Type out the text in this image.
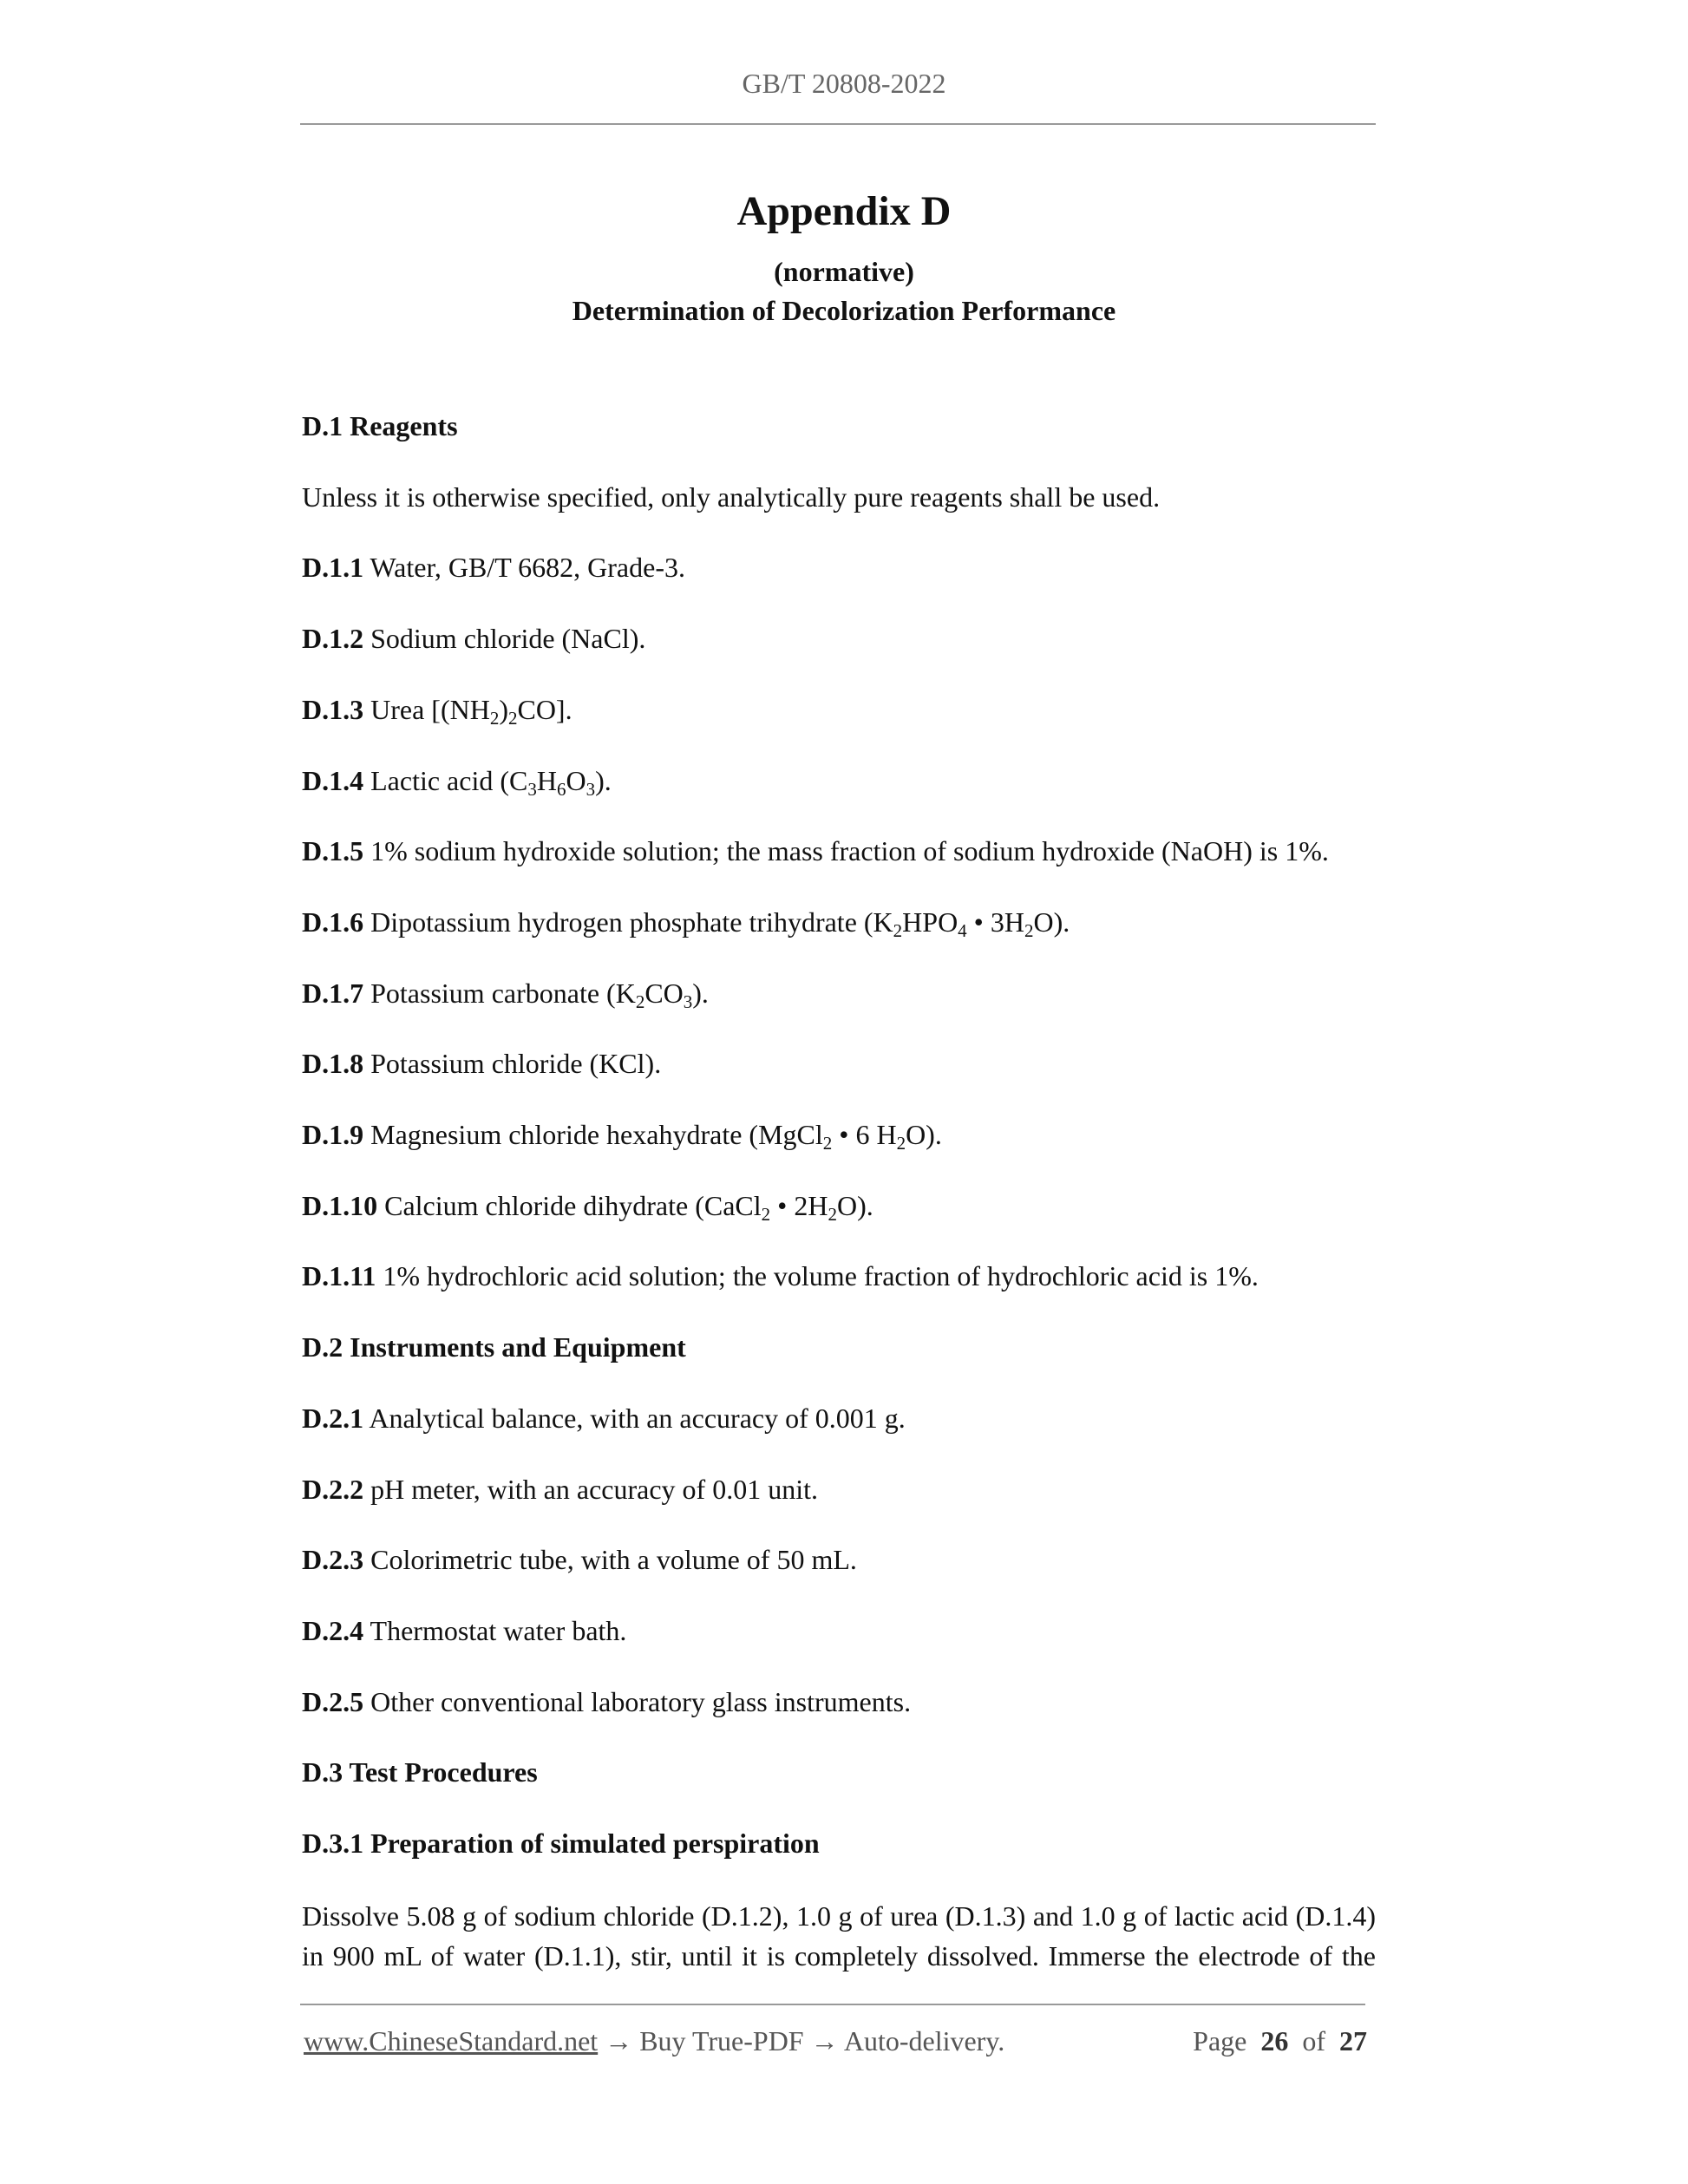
GB/T 20808-2022
Appendix D
(normative)
Determination of Decolorization Performance
D.1 Reagents
Unless it is otherwise specified, only analytically pure reagents shall be used.
D.1.1 Water, GB/T 6682, Grade-3.
D.1.2 Sodium chloride (NaCl).
D.1.3 Urea $[(NH_2)_2CO]$.
D.1.4 Lactic acid $(C_3H_6O_3)$.
D.1.5 1% sodium hydroxide solution; the mass fraction of sodium hydroxide (NaOH) is 1%.
D.1.6 Dipotassium hydrogen phosphate trihydrate ($K_2HPO_4$ • $3H_2O$).
D.1.7 Potassium carbonate $(K_2CO_3)$.
D.1.8 Potassium chloride (KCl).
D.1.9 Magnesium chloride hexahydrate (MgCl$_2$ • 6 $H_2O$).
D.1.10 Calcium chloride dihydrate (CaCl$_2$ • $2H_2O$).
D.1.11 1% hydrochloric acid solution; the volume fraction of hydrochloric acid is 1%.
D.2 Instruments and Equipment
D.2.1 Analytical balance, with an accuracy of 0.001 g.
D.2.2 pH meter, with an accuracy of 0.01 unit.
D.2.3 Colorimetric tube, with a volume of 50 mL.
D.2.4 Thermostat water bath.
D.2.5 Other conventional laboratory glass instruments.
D.3 Test Procedures
D.3.1 Preparation of simulated perspiration
Dissolve 5.08 g of sodium chloride (D.1.2), 1.0 g of urea (D.1.3) and 1.0 g of lactic acid (D.1.4)
in 900 mL of water (D.1.1), stir, until it is completely dissolved. Immerse the electrode of the
www.ChineseStandard.net → Buy True-PDF → Auto-delivery.	Page 26 of 27
